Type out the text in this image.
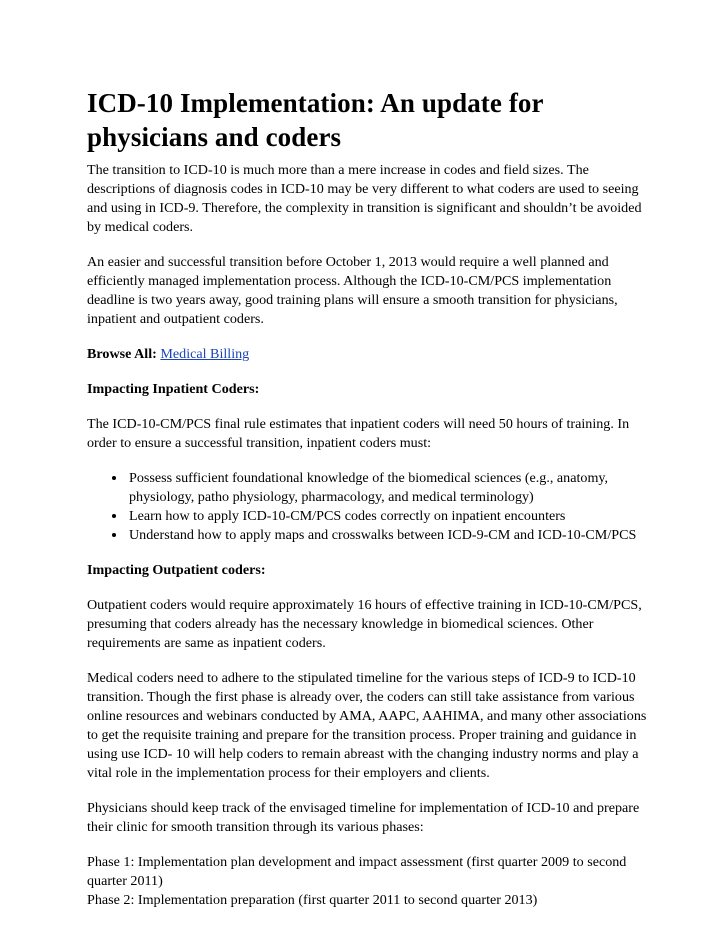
ICD-10 Implementation: An update for physicians and coders

The transition to ICD-10 is much more than a mere increase in codes and field sizes. The descriptions of diagnosis codes in ICD-10 may be very different to what coders are used to seeing and using in ICD-9. Therefore, the complexity in transition is significant and shouldn’t be avoided by medical coders.

An easier and successful transition before October 1, 2013 would require a well planned and efficiently managed implementation process. Although the ICD-10-CM/PCS implementation deadline is two years away, good training plans will ensure a smooth transition for physicians, inpatient and outpatient coders.

Browse All: Medical Billing

Impacting Inpatient Coders:

The ICD-10-CM/PCS final rule estimates that inpatient coders will need 50 hours of training. In order to ensure a successful transition, inpatient coders must:

• Possess sufficient foundational knowledge of the biomedical sciences (e.g., anatomy, physiology, patho physiology, pharmacology, and medical terminology)
• Learn how to apply ICD-10-CM/PCS codes correctly on inpatient encounters
• Understand how to apply maps and crosswalks between ICD-9-CM and ICD-10-CM/PCS

Impacting Outpatient coders:

Outpatient coders would require approximately 16 hours of effective training in ICD-10-CM/PCS, presuming that coders already has the necessary knowledge in biomedical sciences. Other requirements are same as inpatient coders.

Medical coders need to adhere to the stipulated timeline for the various steps of ICD-9 to ICD-10 transition. Though the first phase is already over, the coders can still take assistance from various online resources and webinars conducted by AMA, AAPC, AAHIMA, and many other associations to get the requisite training and prepare for the transition process. Proper training and guidance in using use ICD- 10 will help coders to remain abreast with the changing industry norms and play a vital role in the implementation process for their employers and clients.

Physicians should keep track of the envisaged timeline for implementation of ICD-10 and prepare their clinic for smooth transition through its various phases:

Phase 1: Implementation plan development and impact assessment (first quarter 2009 to second quarter 2011)

Phase 2: Implementation preparation (first quarter 2011 to second quarter 2013)
